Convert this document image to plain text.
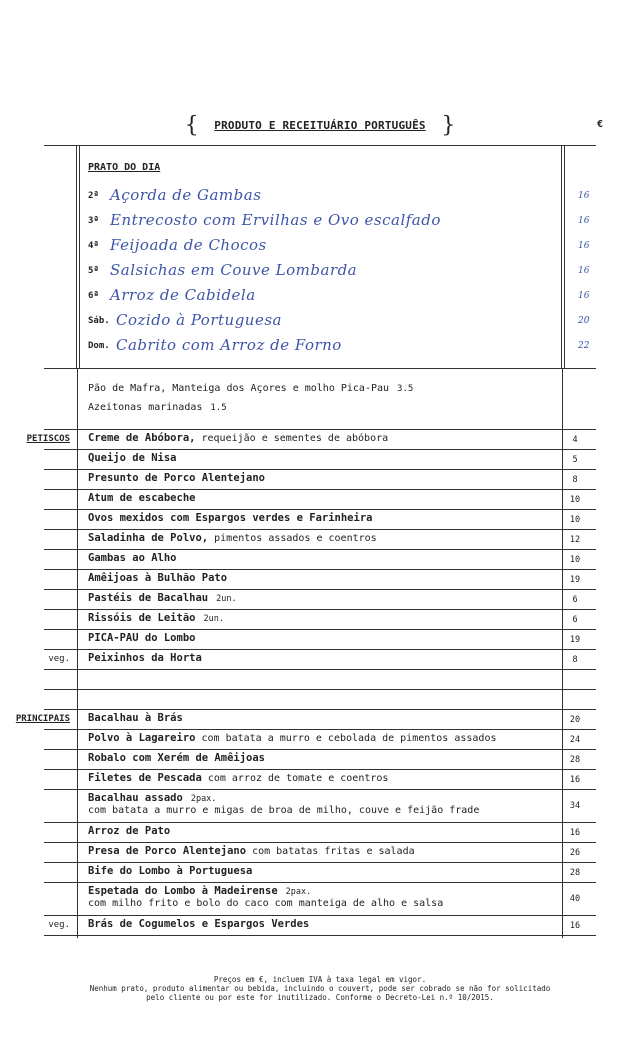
{ PRODUTO E RECEITUÁRIO PORTUGUÊS }	€
PRATO DO DIA
2ª Açorda de Gambas	16
3ª Entrecosto com Ervilhas e Ovo escalfado	16
4ª Feijoada de Chocos	16
5ª Salsichas em Couve Lombarda	16
6ª Arroz de Cabidela	16
Sáb. Cozido à Portuguesa	20
Dom. Cabrito com Arroz de Forno	22
Pão de Mafra, Manteiga dos Açores e molho Pica-Pau 3.5
Azeitonas marinadas 1.5
PETISCOS Creme de Abóbora, requeijão e sementes de abóbora	4
Queijo de Nisa	5
Presunto de Porco Alentejano	8
Atum de escabeche	10
Ovos mexidos com Espargos verdes e Farinheira	10
Saladinha de Polvo, pimentos assados e coentros	12
Gambas ao Alho	10
Amêijoas à Bulhão Pato	19
Pastéis de Bacalhau 2un.	6
Rissóis de Leitão 2un.	6
PICA-PAU do Lombo	19
veg. Peixinhos da Horta	8
PRINCIPAIS Bacalhau à Brás	20
Polvo à Lagareiro com batata a murro e cebolada de pimentos assados	24
Robalo com Xerém de Amêijoas	28
Filetes de Pescada com arroz de tomate e coentros	16
Bacalhau assado 2pax.
com batata a murro e migas de broa de milho, couve e feijão frade	34
Arroz de Pato	16
Presa de Porco Alentejano com batatas fritas e salada	26
Bife do Lombo à Portuguesa	28
Espetada do Lombo à Madeirense 2pax.
com milho frito e bolo do caco com manteiga de alho e salsa	40
veg. Brás de Cogumelos e Espargos Verdes	16
Preços em €, incluem IVA à taxa legal em vigor.
Nenhum prato, produto alimentar ou bebida, incluindo o couvert, pode ser cobrado se não for solicitado
pelo cliente ou por este for inutilizado. Conforme o Decreto-Lei n.º 10/2015.
